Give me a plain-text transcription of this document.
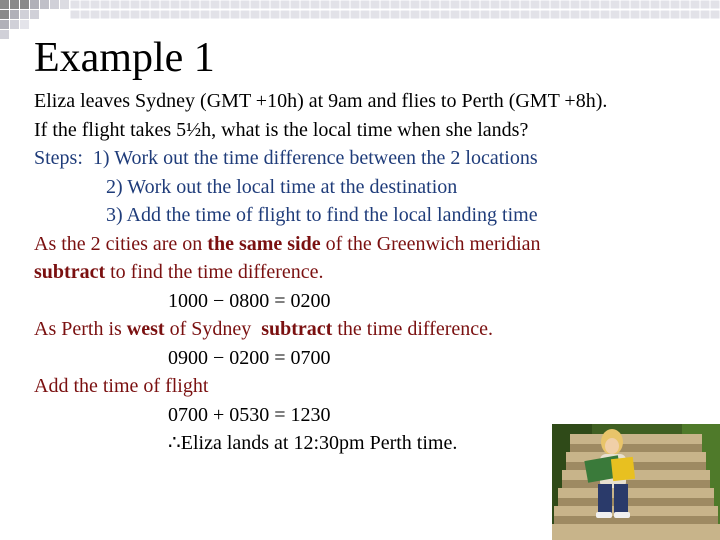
Example 1
Eliza leaves Sydney (GMT +10h) at 9am and flies to Perth (GMT +8h).
If the flight takes 5½h, what is the local time when she lands?
Steps: 1) Work out the time difference between the 2 locations
2) Work out the local time at the destination
3) Add the time of flight to find the local landing time
As the 2 cities are on the same side of the Greenwich meridian
subtract to find the time difference.
1000 − 0800 = 0200
As Perth is west of Sydney  subtract the time difference.
0900 − 0200 = 0700
Add the time of flight
0700 + 0530 = 1230
∴Eliza lands at 12:30pm Perth time.
